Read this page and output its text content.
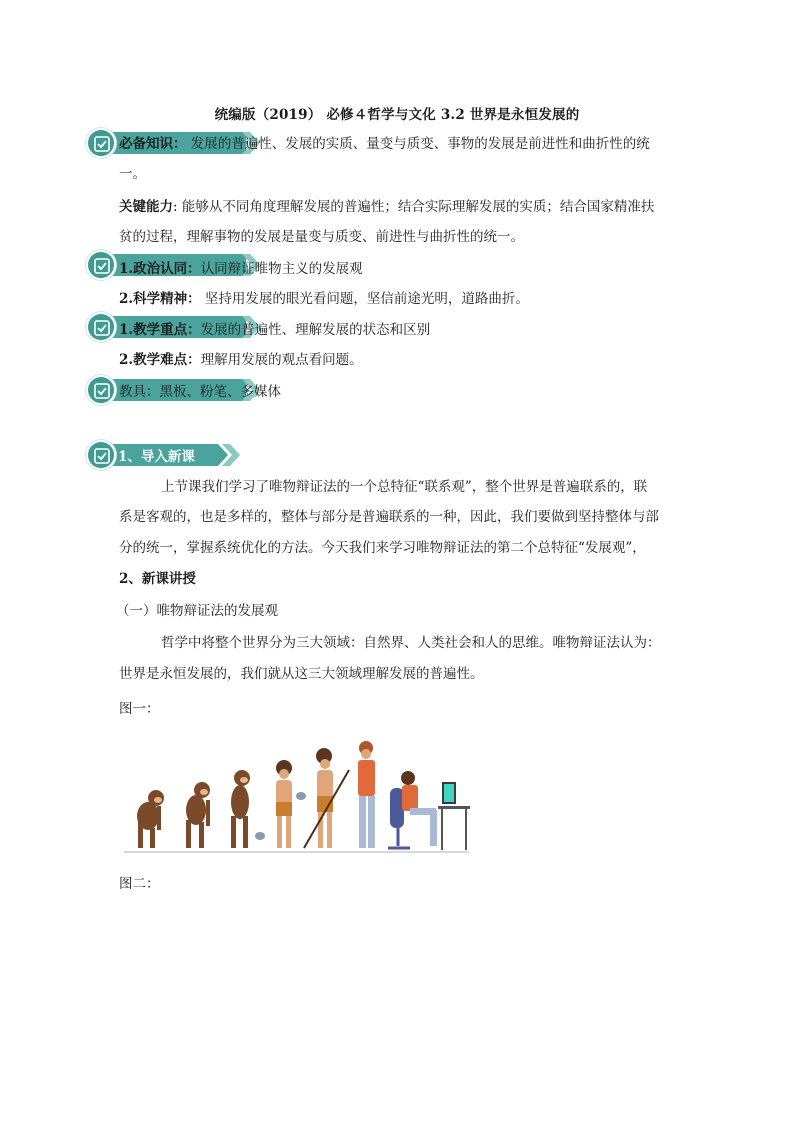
统编版（2019） 必修４哲学与文化 3.2 世界是永恒发展的
必备知识： 发展的普遍性、发展的实质、量变与质变、事物的发展是前进性和曲折性的统
一。
关键能力: 能够从不同角度理解发展的普遍性；结合实际理解发展的实质；结合国家精准扶
贫的过程，理解事物的发展是量变与质变、前进性与曲折性的统一。
1.政治认同：认同辩证唯物主义的发展观
2.科学精神： 坚持用发展的眼光看问题，坚信前途光明，道路曲折。
1.教学重点：发展的普遍性、理解发展的状态和区别
2.教学难点：理解用发展的观点看问题。
教具：黑板、粉笔、多媒体
1、导入新课
上节课我们学习了唯物辩证法的一个总特征“联系观”，整个世界是普遍联系的，联
系是客观的，也是多样的，整体与部分是普遍联系的一种，因此，我们要做到坚持整体与部
分的统一，掌握系统优化的方法。今天我们来学习唯物辩证法的第二个总特征“发展观”，
2、新课讲授
（一）唯物辩证法的发展观
哲学中将整个世界分为三大领域：自然界、人类社会和人的思维。唯物辩证法认为：
世界是永恒发展的，我们就从这三大领域理解发展的普遍性。
图一：
图二：
